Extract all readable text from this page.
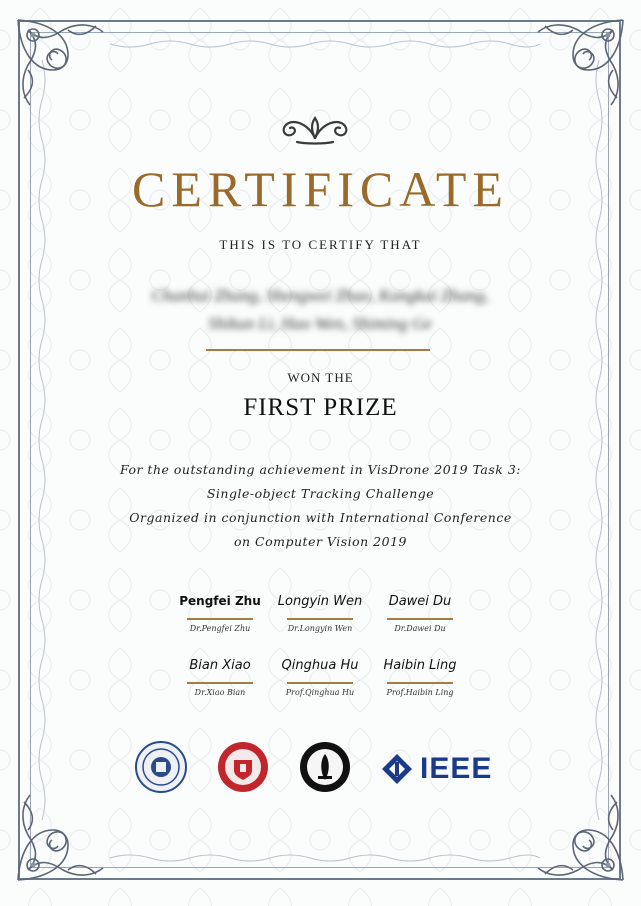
CERTIFICATE
THIS IS TO CERTIFY THAT
Chunhui Zhang, Shengwei Zhao, Kangkai Zhang,
Shikun Li, Hao Wen, Shiming Ge
WON THE
FIRST PRIZE
For the outstanding achievement in VisDrone 2019 Task 3:
Single-object Tracking Challenge
Organized in conjunction with International Conference
on Computer Vision 2019
Pengfei Zhu
Dr.Pengfei Zhu
Longyin Wen
Dr.Longyin Wen
Dawei Du
Dr.Dawei Du
Bian Xiao
Dr.Xiao Bian
Qinghua Hu
Prof.Qinghua Hu
Haibin Ling
Prof.Haibin Ling
IEEE
